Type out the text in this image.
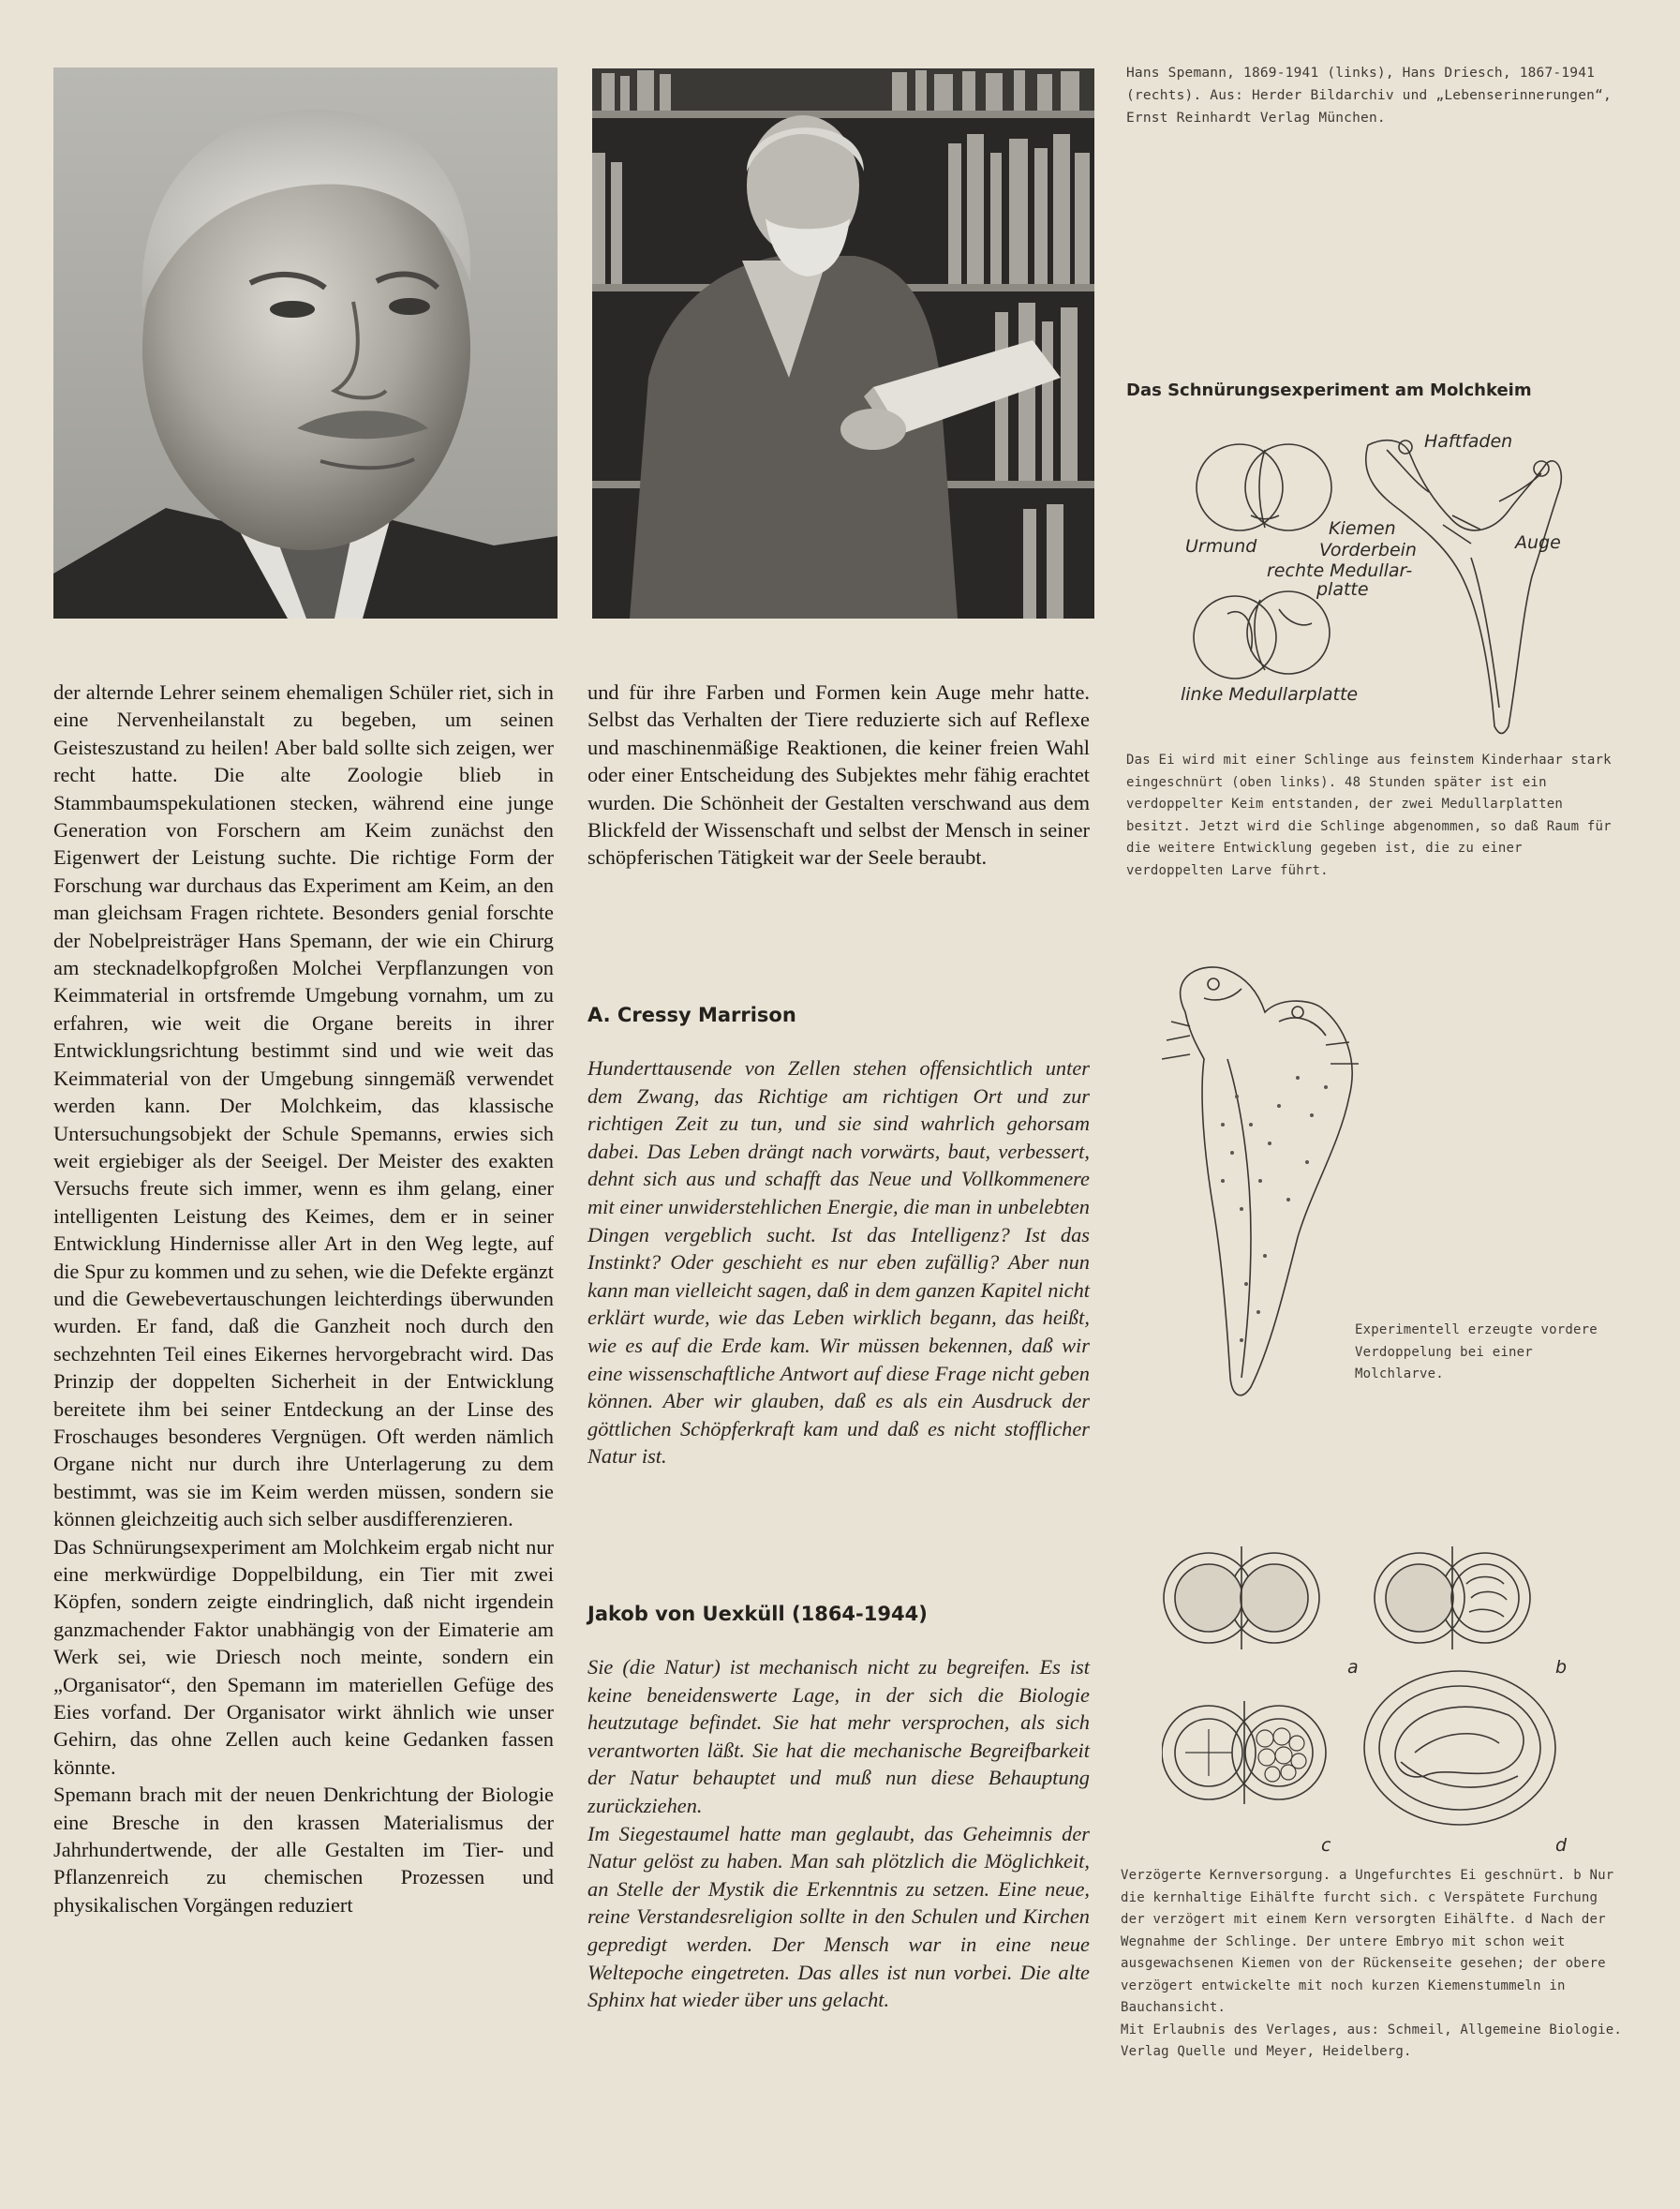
Hans Spemann, 1869-1941 (links), Hans Driesch, 1867-1941 (rechts). Aus: Herder Bildarchiv und „Lebenserinnerungen“, Ernst Reinhardt Verlag München.

der alternde Lehrer seinem ehemaligen Schüler riet, sich in eine Nervenheilanstalt zu begeben, um seinen Geisteszustand zu heilen! Aber bald sollte sich zeigen, wer recht hatte. Die alte Zoologie blieb in Stammbaumspekulationen stecken, während eine junge Generation von Forschern am Keim zunächst den Eigenwert der Leistung suchte. Die richtige Form der Forschung war durchaus das Experiment am Keim, an den man gleichsam Fragen richtete. Besonders genial forschte der Nobelpreisträger Hans Spemann, der wie ein Chirurg am stecknadelkopfgroßen Molchei Verpflanzungen von Keimmaterial in ortsfremde Umgebung vornahm, um zu erfahren, wie weit die Organe bereits in ihrer Entwicklungsrichtung bestimmt sind und wie weit das Keimmaterial von der Umgebung sinngemäß verwendet werden kann. Der Molchkeim, das klassische Untersuchungsobjekt der Schule Spemanns, erwies sich weit ergiebiger als der Seeigel. Der Meister des exakten Versuchs freute sich immer, wenn es ihm gelang, einer intelligenten Leistung des Keimes, dem er in seiner Entwicklung Hindernisse aller Art in den Weg legte, auf die Spur zu kommen und zu sehen, wie die Defekte ergänzt und die Gewebevertauschungen leichterdings überwunden wurden. Er fand, daß die Ganzheit noch durch den sechzehnten Teil eines Eikernes hervorgebracht wird. Das Prinzip der doppelten Sicherheit in der Entwicklung bereitete ihm bei seiner Entdeckung an der Linse des Froschauges besonderes Vergnügen. Oft werden nämlich Organe nicht nur durch ihre Unterlagerung zu dem bestimmt, was sie im Keim werden müssen, sondern sie können gleichzeitig auch sich selber ausdifferenzieren.

Das Schnürungsexperiment am Molchkeim ergab nicht nur eine merkwürdige Doppelbildung, ein Tier mit zwei Köpfen, sondern zeigte eindringlich, daß nicht irgendein ganzmachender Faktor unabhängig von der Eimaterie am Werk sei, wie Driesch noch meinte, sondern ein „Organisator“, den Spemann im materiellen Gefüge des Eies vorfand. Der Organisator wirkt ähnlich wie unser Gehirn, das ohne Zellen auch keine Gedanken fassen könnte.

Spemann brach mit der neuen Denkrichtung der Biologie eine Bresche in den krassen Materialismus der Jahrhundertwende, der alle Gestalten im Tier- und Pflanzenreich zu chemischen Prozessen und physikalischen Vorgängen reduziert

und für ihre Farben und Formen kein Auge mehr hatte. Selbst das Verhalten der Tiere reduzierte sich auf Reflexe und maschinenmäßige Reaktionen, die keiner freien Wahl oder einer Entscheidung des Subjektes mehr fähig erachtet wurden. Die Schönheit der Gestalten verschwand aus dem Blickfeld der Wissenschaft und selbst der Mensch in seiner schöpferischen Tätigkeit war der Seele beraubt.
A. Cressy Marrison
Hunderttausende von Zellen stehen offensichtlich unter dem Zwang, das Richtige am richtigen Ort und zur richtigen Zeit zu tun, und sie sind wahrlich gehorsam dabei. Das Leben drängt nach vorwärts, baut, verbessert, dehnt sich aus und schafft das Neue und Vollkommenere mit einer unwiderstehlichen Energie, die man in unbelebten Dingen vergeblich sucht. Ist das Intelligenz? Ist das Instinkt? Oder geschieht es nur eben zufällig? Aber nun kann man vielleicht sagen, daß in dem ganzen Kapitel nicht erklärt wurde, wie das Leben wirklich begann, das heißt, wie es auf die Erde kam. Wir müssen bekennen, daß wir eine wissenschaftliche Antwort auf diese Frage nicht geben können. Aber wir glauben, daß es als ein Ausdruck der göttlichen Schöpferkraft kam und daß es nicht stofflicher Natur ist.
Jakob von Uexküll (1864-1944)

Sie (die Natur) ist mechanisch nicht zu begreifen. Es ist keine beneidenswerte Lage, in der sich die Biologie heutzutage befindet. Sie hat mehr versprochen, als sich verantworten läßt. Sie hat die mechanische Begreifbarkeit der Natur behauptet und muß nun diese Behauptung zurückziehen.

Im Siegestaumel hatte man geglaubt, das Geheimnis der Natur gelöst zu haben. Man sah plötzlich die Möglichkeit, an Stelle der Mystik die Erkenntnis zu setzen. Eine neue, reine Verstandesreligion sollte in den Schulen und Kirchen gepredigt werden. Der Mensch war in eine neue Weltepoche eingetreten. Das alles ist nun vorbei. Die alte Sphinx hat wieder über uns gelacht.

Das Schnürungsexperiment am Molchkeim
Haftfaden
Urmund
Kiemen
Vorderbein	Auge
rechte Medullar-
platte
linke Medullarplatte
Das Ei wird mit einer Schlinge aus feinstem Kinderhaar stark eingeschnürt (oben links). 48 Stunden später ist ein verdoppelter Keim entstanden, der zwei Medullarplatten besitzt. Jetzt wird die Schlinge abgenommen, so daß Raum für die weitere Entwicklung gegeben ist, die zu einer verdoppelten Larve führt.
Experimentell erzeugte vordere Verdoppelung bei einer Molchlarve.
a	b
c	d
Verzögerte Kernversorgung. a Ungefurchtes Ei geschnürt. b Nur die kernhaltige Eihälfte furcht sich. c Verspätete Furchung der verzögert mit einem Kern versorgten Eihälfte. d Nach der Wegnahme der Schlinge. Der untere Embryo mit schon weit ausgewachsenen Kiemen von der Rückenseite gesehen; der obere verzögert entwickelte mit noch kurzen Kiemenstummeln in Bauchansicht.
Mit Erlaubnis des Verlages, aus: Schmeil, Allgemeine Biologie. Verlag Quelle und Meyer, Heidelberg.
